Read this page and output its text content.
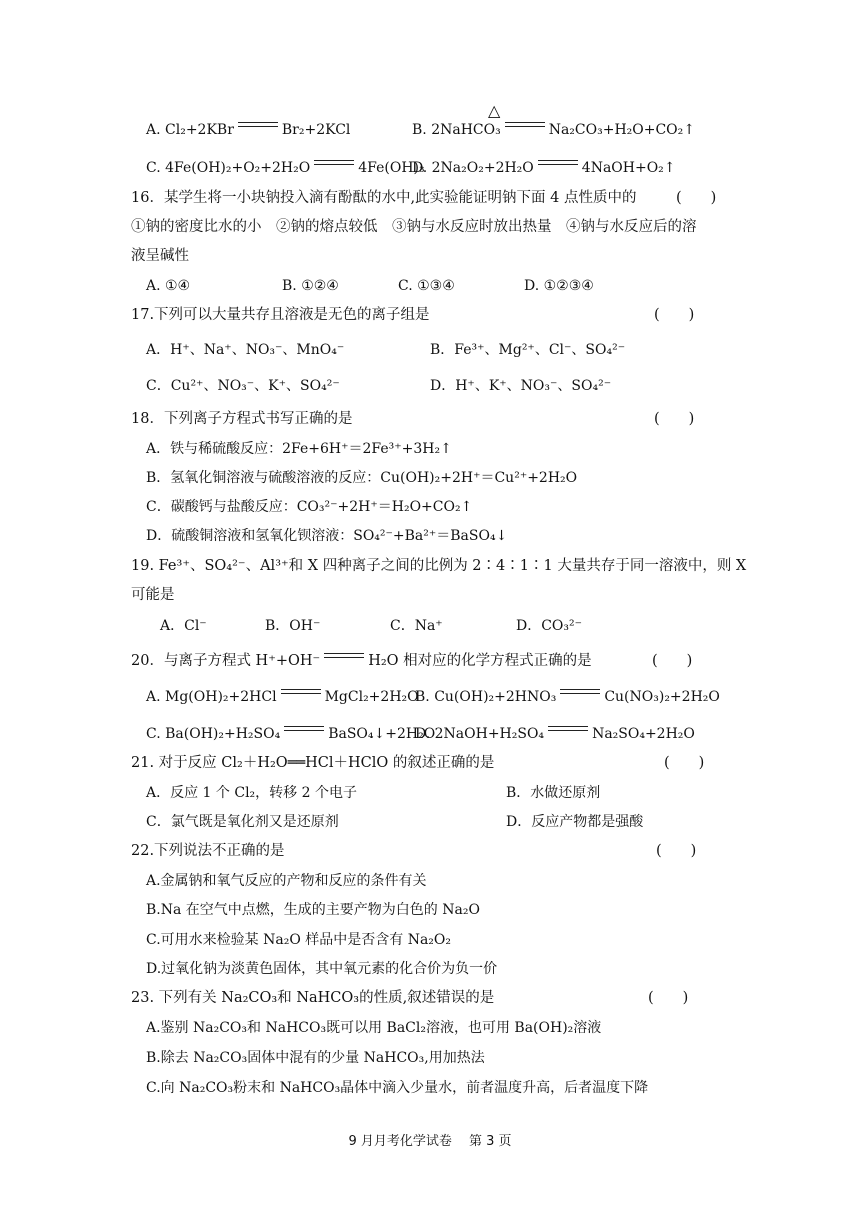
A. Cl₂+2KBr	Br₂+2KCl
△
B. 2NaHCO₃	Na₂CO₃+H₂O+CO₂↑
C. 4Fe(OH)₂+O₂+2H₂O	4Fe(OH)₃
D. 2Na₂O₂+2H₂O	4NaOH+O₂↑
16．某学生将一小块钠投入滴有酚酞的水中,此实验能证明钠下面 4 点性质中的	(　　)
①钠的密度比水的小　②钠的熔点较低　③钠与水反应时放出热量　④钠与水反应后的溶
液呈碱性
A. ①④	B. ①②④	C. ①③④	D. ①②③④
17.下列可以大量共存且溶液是无色的离子组是	(　　)
A．H⁺、Na⁺、NO₃⁻、MnO₄⁻	B．Fe³⁺、Mg²⁺、Cl⁻、SO₄²⁻
C．Cu²⁺、NO₃⁻、K⁺、SO₄²⁻	D．H⁺、K⁺、NO₃⁻、SO₄²⁻
18．下列离子方程式书写正确的是	(　　)
A．铁与稀硫酸反应：2Fe+6H⁺＝2Fe³⁺+3H₂↑
B．氢氧化铜溶液与硫酸溶液的反应：Cu(OH)₂+2H⁺＝Cu²⁺+2H₂O
C．碳酸钙与盐酸反应：CO₃²⁻+2H⁺＝H₂O+CO₂↑
D．硫酸铜溶液和氢氧化钡溶液：SO₄²⁻+Ba²⁺＝BaSO₄↓
19. Fe³⁺、SO₄²⁻、Al³⁺和 X 四种离子之间的比例为 2∶4∶1∶1 大量共存于同一溶液中，则 X
可能是
A．Cl⁻	B．OH⁻	C．Na⁺	D．CO₃²⁻
20．与离子方程式 H⁺+OH⁻	H₂O 相对应的化学方程式正确的是	(　　)
A. Mg(OH)₂+2HCl	MgCl₂+2H₂O
B. Cu(OH)₂+2HNO₃	Cu(NO₃)₂+2H₂O
C. Ba(OH)₂+H₂SO₄	BaSO₄↓+2H₂O
D. 2NaOH+H₂SO₄	Na₂SO₄+2H₂O
21. 对于反应 Cl₂＋H₂O══HCl＋HClO 的叙述正确的是	(　　)
A．反应 1 个 Cl₂，转移 2 个电子	B．水做还原剂
C．氯气既是氧化剂又是还原剂	D．反应产物都是强酸
22.下列说法不正确的是	(　　)
A.金属钠和氧气反应的产物和反应的条件有关
B.Na 在空气中点燃，生成的主要产物为白色的 Na₂O
C.可用水来检验某 Na₂O 样品中是否含有 Na₂O₂
D.过氧化钠为淡黄色固体，其中氧元素的化合价为负一价
23. 下列有关 Na₂CO₃和 NaHCO₃的性质,叙述错误的是	(　　)
A.鉴别 Na₂CO₃和 NaHCO₃既可以用 BaCl₂溶液，也可用 Ba(OH)₂溶液
B.除去 Na₂CO₃固体中混有的少量 NaHCO₃,用加热法
C.向 Na₂CO₃粉末和 NaHCO₃晶体中滴入少量水，前者温度升高，后者温度下降
9 月月考化学试卷　 第 3 页
